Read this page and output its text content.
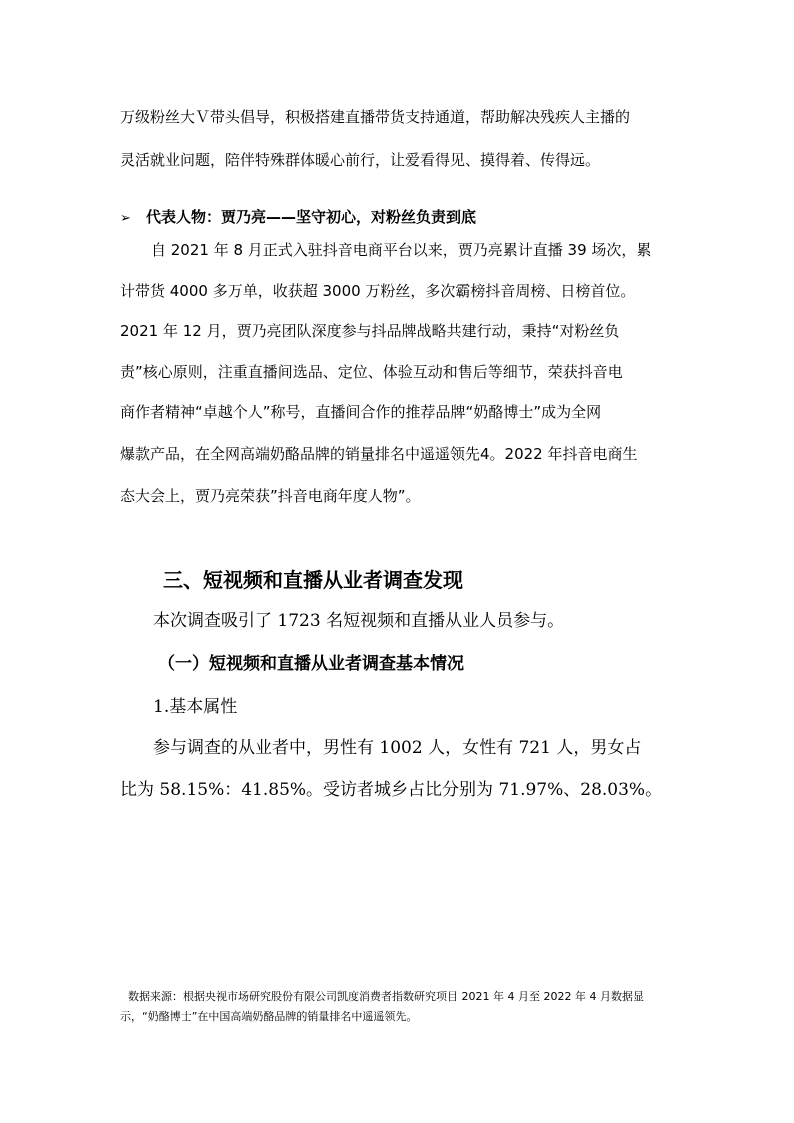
万级粉丝大Ｖ带头倡导，积极搭建直播带货支持通道，帮助解决残疾人主播的
灵活就业问题，陪伴特殊群体暖心前行，让爱看得见、摸得着、传得远。
➢ 代表人物：贾乃亮——坚守初心，对粉丝负责到底
自 2021 年 8 月正式入驻抖音电商平台以来，贾乃亮累计直播 39 场次，累
计带货 4000 多万单，收获超 3000 万粉丝，多次霸榜抖音周榜、日榜首位。
2021 年 12 月，贾乃亮团队深度参与抖品牌战略共建行动，秉持“对粉丝负
责”核心原则，注重直播间选品、定位、体验互动和售后等细节，荣获抖音电
商作者精神“卓越个人”称号，直播间合作的推荐品牌“奶酪博士”成为全网
爆款产品，在全网高端奶酪品牌的销量排名中遥遥领先4。2022 年抖音电商生
态大会上，贾乃亮荣获”抖音电商年度人物”。
三、短视频和直播从业者调查发现
本次调查吸引了 1723 名短视频和直播从业人员参与。
（一）短视频和直播从业者调查基本情况
1.基本属性
参与调查的从业者中，男性有 1002 人，女性有 721 人，男女占
比为 58.15%：41.85%。受访者城乡占比分别为 71.97%、28.03%。
数据来源：根据央视市场研究股份有限公司凯度消费者指数研究项目 2021 年 4 月至 2022 年 4 月数据显
示，“奶酪博士”在中国高端奶酪品牌的销量排名中遥遥领先。
